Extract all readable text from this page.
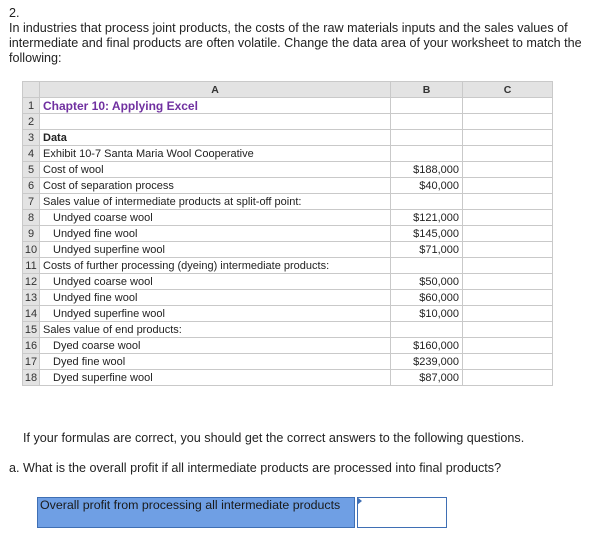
2.
In industries that process joint products, the costs of the raw materials inputs and the sales values of intermediate and final products are often volatile. Change the data area of your worksheet to match the following:
	A	B	C
1	Chapter 10: Applying Excel		
2			
3	Data		
4	Exhibit 10-7 Santa Maria Wool Cooperative		
5	Cost of wool	$188,000	
6	Cost of separation process	$40,000	
7	Sales value of intermediate products at split-off point:		
8	Undyed coarse wool	$121,000	
9	Undyed fine wool	$145,000	
10	Undyed superfine wool	$71,000	
11	Costs of further processing (dyeing) intermediate products:		
12	Undyed coarse wool	$50,000	
13	Undyed fine wool	$60,000	
14	Undyed superfine wool	$10,000	
15	Sales value of end products:		
16	Dyed coarse wool	$160,000	
17	Dyed fine wool	$239,000	
18	Dyed superfine wool	$87,000	
If your formulas are correct, you should get the correct answers to the following questions.
a. What is the overall profit if all intermediate products are processed into final products?
Overall profit from processing all intermediate products
